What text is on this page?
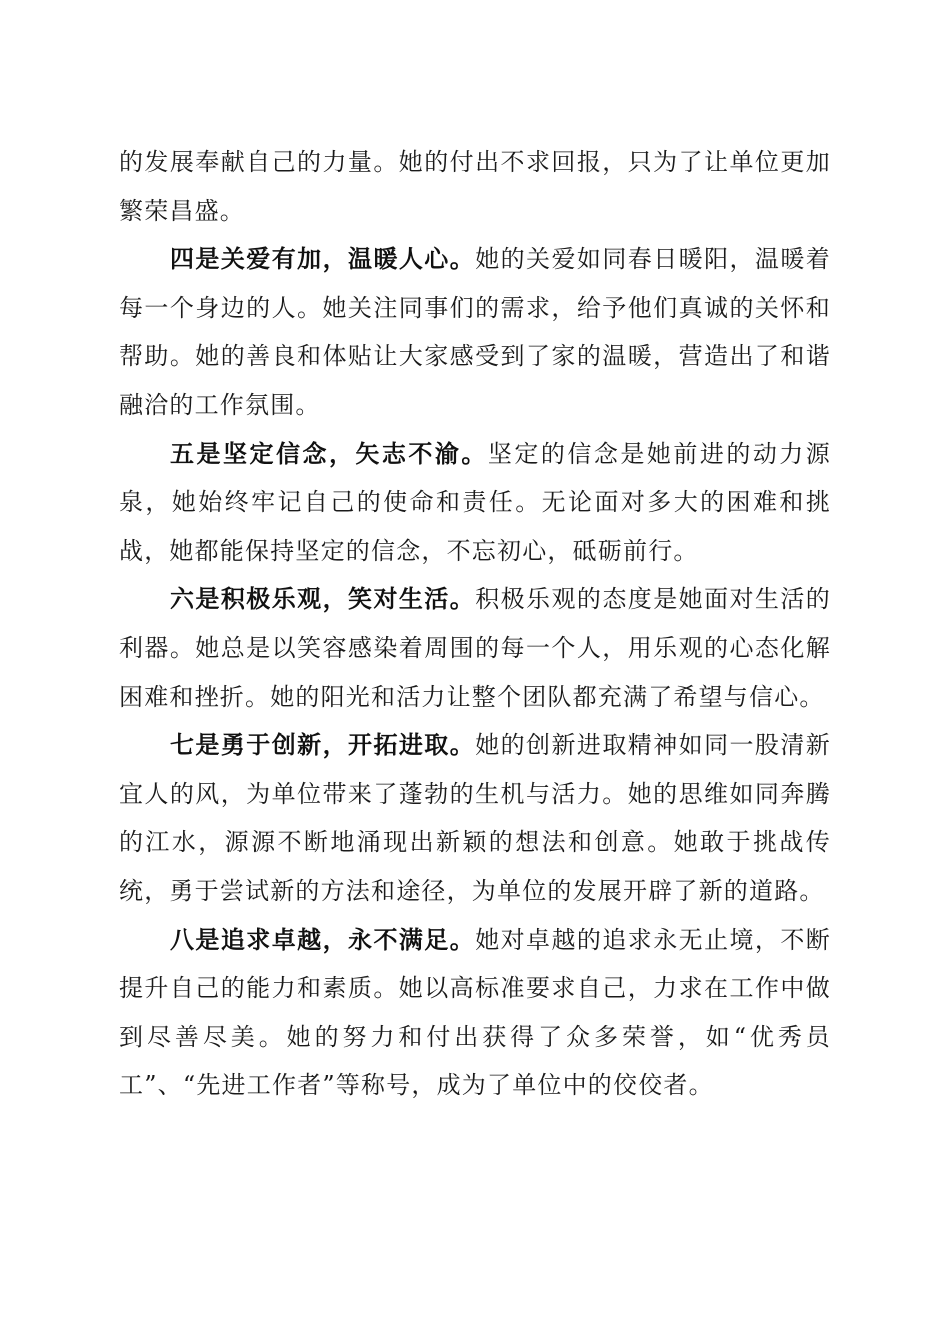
的发展奉献自己的力量。她的付出不求回报，只为了让单位更加繁荣昌盛。

四是关爱有加，温暖人心。她的关爱如同春日暖阳，温暖着每一个身边的人。她关注同事们的需求，给予他们真诚的关怀和帮助。她的善良和体贴让大家感受到了家的温暖，营造出了和谐融洽的工作氛围。

五是坚定信念，矢志不渝。坚定的信念是她前进的动力源泉，她始终牢记自己的使命和责任。无论面对多大的困难和挑战，她都能保持坚定的信念，不忘初心，砥砺前行。

六是积极乐观，笑对生活。积极乐观的态度是她面对生活的利器。她总是以笑容感染着周围的每一个人，用乐观的心态化解困难和挫折。她的阳光和活力让整个团队都充满了希望与信心。

七是勇于创新，开拓进取。她的创新进取精神如同一股清新宜人的风，为单位带来了蓬勃的生机与活力。她的思维如同奔腾的江水，源源不断地涌现出新颖的想法和创意。她敢于挑战传统，勇于尝试新的方法和途径，为单位的发展开辟了新的道路。

八是追求卓越，永不满足。她对卓越的追求永无止境，不断提升自己的能力和素质。她以高标准要求自己，力求在工作中做到尽善尽美。她的努力和付出获得了众多荣誉，如“优秀员工”、“先进工作者”等称号，成为了单位中的佼佼者。
